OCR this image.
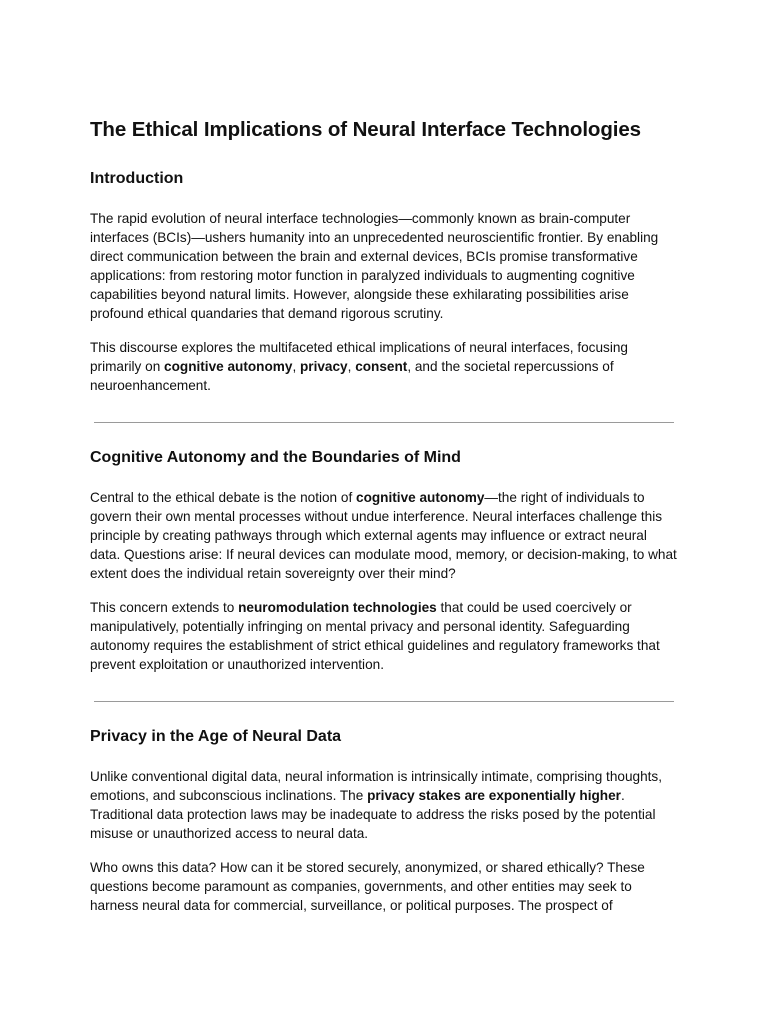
The Ethical Implications of Neural Interface Technologies
Introduction

The rapid evolution of neural interface technologies—commonly known as brain-computer interfaces (BCIs)—ushers humanity into an unprecedented neuroscientific frontier. By enabling direct communication between the brain and external devices, BCIs promise transformative applications: from restoring motor function in paralyzed individuals to augmenting cognitive capabilities beyond natural limits. However, alongside these exhilarating possibilities arise profound ethical quandaries that demand rigorous scrutiny.

This discourse explores the multifaceted ethical implications of neural interfaces, focusing primarily on cognitive autonomy, privacy, consent, and the societal repercussions of neuroenhancement.

Cognitive Autonomy and the Boundaries of Mind

Central to the ethical debate is the notion of cognitive autonomy—the right of individuals to govern their own mental processes without undue interference. Neural interfaces challenge this principle by creating pathways through which external agents may influence or extract neural data. Questions arise: If neural devices can modulate mood, memory, or decision-making, to what extent does the individual retain sovereignty over their mind?

This concern extends to neuromodulation technologies that could be used coercively or manipulatively, potentially infringing on mental privacy and personal identity. Safeguarding autonomy requires the establishment of strict ethical guidelines and regulatory frameworks that prevent exploitation or unauthorized intervention.

Privacy in the Age of Neural Data

Unlike conventional digital data, neural information is intrinsically intimate, comprising thoughts, emotions, and subconscious inclinations. The privacy stakes are exponentially higher. Traditional data protection laws may be inadequate to address the risks posed by the potential misuse or unauthorized access to neural data.

Who owns this data? How can it be stored securely, anonymized, or shared ethically? These questions become paramount as companies, governments, and other entities may seek to harness neural data for commercial, surveillance, or political purposes. The prospect of
